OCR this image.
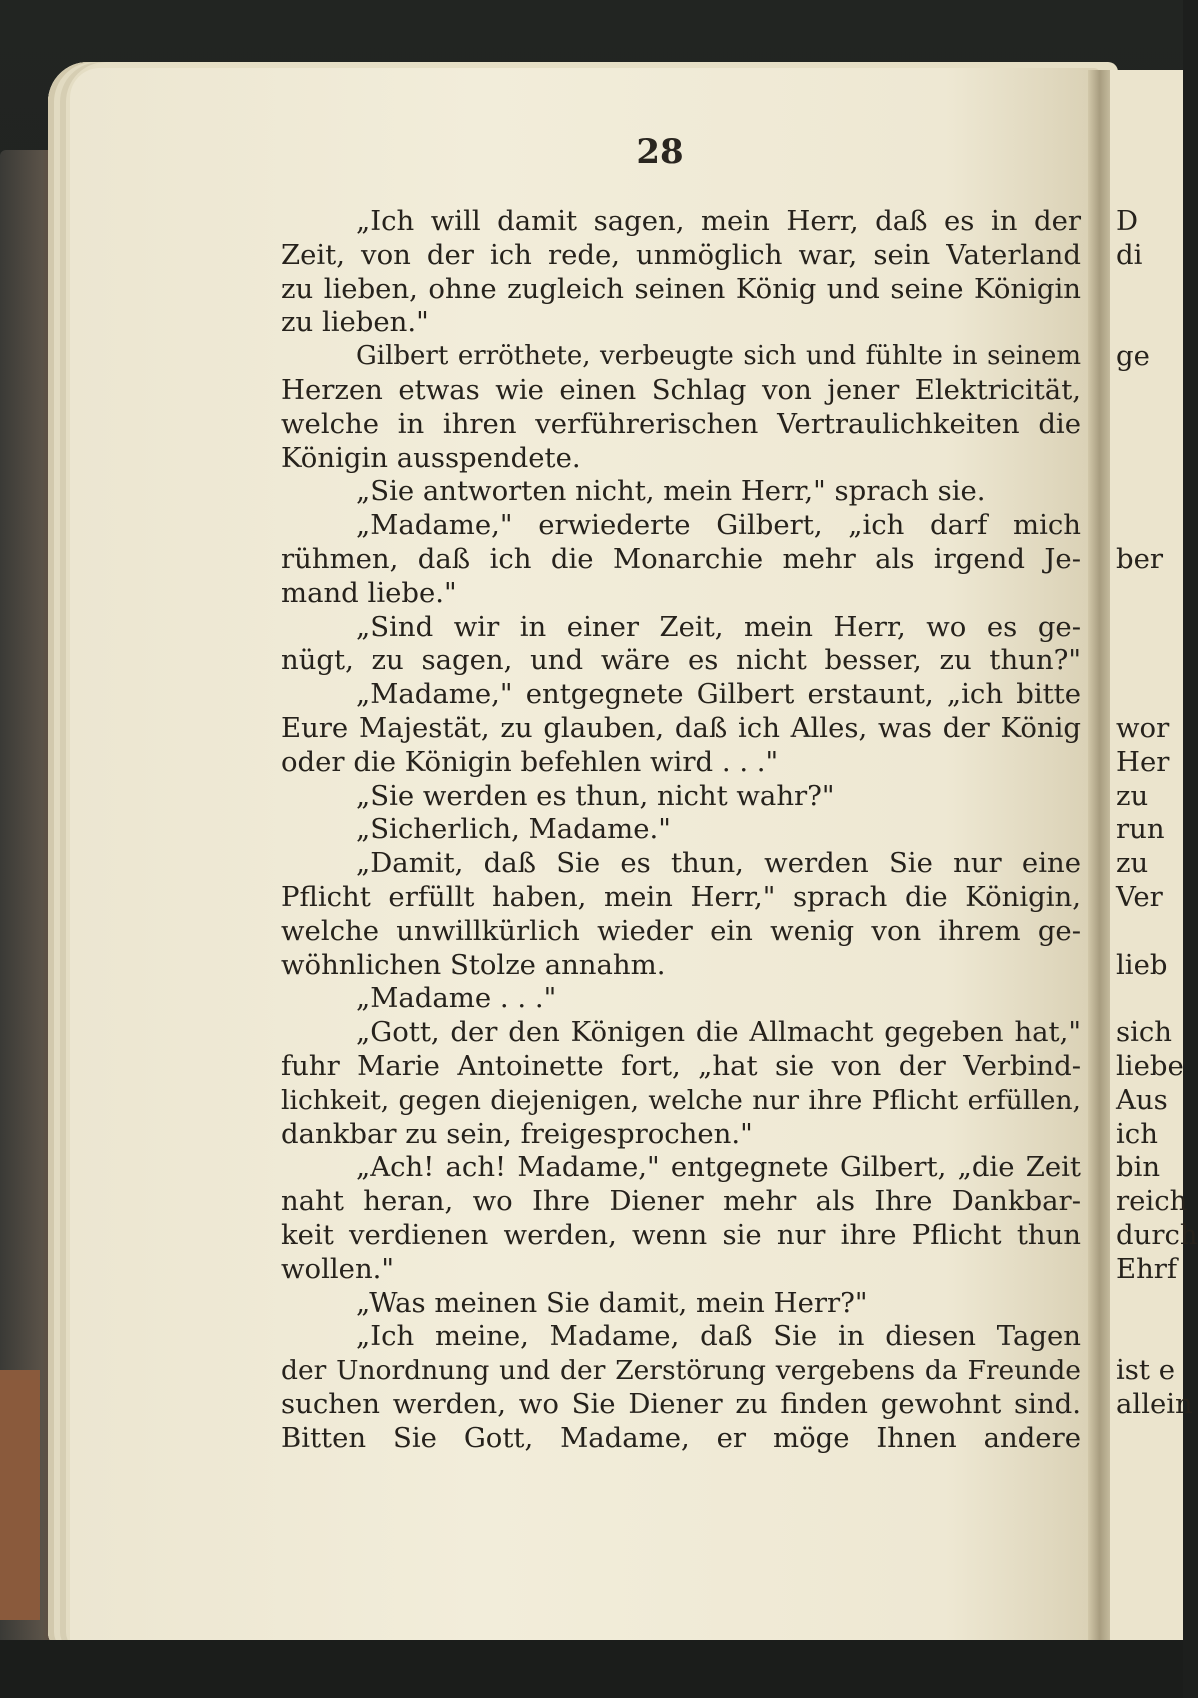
28
„Ich will damit sagen, mein Herr, daß es in der
Zeit, von der ich rede, unmöglich war, sein Vaterland
zu lieben, ohne zugleich seinen König und seine Königin
zu lieben."
Gilbert erröthete, verbeugte sich und fühlte in seinem
Herzen etwas wie einen Schlag von jener Elektricität,
welche in ihren verführerischen Vertraulichkeiten die
Königin ausspendete.
„Sie antworten nicht, mein Herr," sprach sie.
„Madame," erwiederte Gilbert, „ich darf mich
rühmen, daß ich die Monarchie mehr als irgend Je-
mand liebe."
„Sind wir in einer Zeit, mein Herr, wo es ge-
nügt, zu sagen, und wäre es nicht besser, zu thun?"
„Madame," entgegnete Gilbert erstaunt, „ich bitte
Eure Majestät, zu glauben, daß ich Alles, was der König
oder die Königin befehlen wird . . ."
„Sie werden es thun, nicht wahr?"
„Sicherlich, Madame."
„Damit, daß Sie es thun, werden Sie nur eine
Pflicht erfüllt haben, mein Herr," sprach die Königin,
welche unwillkürlich wieder ein wenig von ihrem ge-
wöhnlichen Stolze annahm.
„Madame . . ."
„Gott, der den Königen die Allmacht gegeben hat,"
fuhr Marie Antoinette fort, „hat sie von der Verbind-
lichkeit, gegen diejenigen, welche nur ihre Pflicht erfüllen,
dankbar zu sein, freigesprochen."
„Ach! ach! Madame," entgegnete Gilbert, „die Zeit
naht heran, wo Ihre Diener mehr als Ihre Dankbar-
keit verdienen werden, wenn sie nur ihre Pflicht thun
wollen."
„Was meinen Sie damit, mein Herr?"
„Ich meine, Madame, daß Sie in diesen Tagen
der Unordnung und der Zerstörung vergebens da Freunde
suchen werden, wo Sie Diener zu finden gewohnt sind.
Bitten Sie Gott, Madame, er möge Ihnen andere
D
di
ge
ber
wor
Her
zu
run
zu
Ver
lieb
sich
liebe
Aus
ich
bin
reich
durch
Ehrf
ist e
allein
